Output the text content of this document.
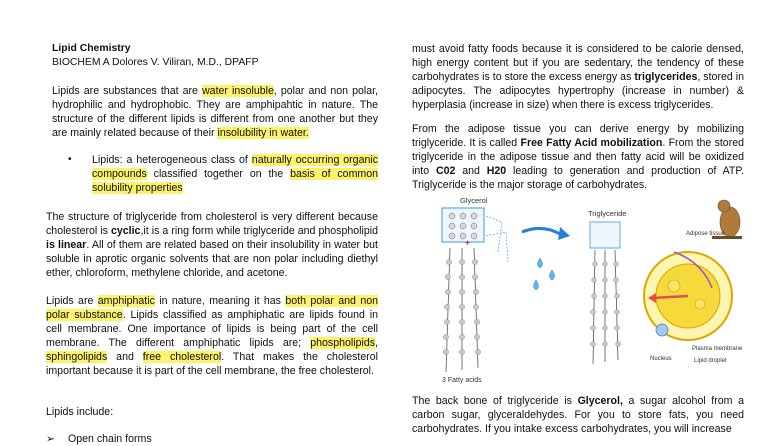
Lipid Chemistry
BIOCHEM A Dolores V. Viliran, M.D., DPAFP

Lipids are substances that are water insoluble, polar and non polar, hydrophilic and hydrophobic. They are amphipahtic in nature. The structure of the different lipids is different from one another but they are mainly related because of their insolubility in water.

• Lipids: a heterogeneous class of naturally occurring organic compounds classified together on the basis of common solubility properties

The structure of triglyceride from cholesterol is very different because cholesterol is cyclic,it is a ring form while triglyceride and phospholipid is linear. All of them are related based on their insolubility in water but soluble in aprotic organic solvents that are non polar including diethyl ether, chloroform, methylene chloride, and acetone.

Lipids are amphiphatic in nature, meaning it has both polar and non polar substance. Lipids classified as amphiphatic are lipids found in cell membrane. One importance of lipids is being part of the cell membrane. The different amphiphatic lipids are; phospholipids, sphingolipids and free cholesterol. That makes the cholesterol important because it is part of the cell membrane, the free cholesterol.

Lipids include:

➢ Open chain forms

must avoid fatty foods because it is considered to be calorie densed, high energy content but if you are sedentary, the tendency of these carbohydrates is to store the excess energy as triglycerides, stored in adipocytes. The adipocytes hypertrophy (increase in number) & hyperplasia (increase in size) when there is excess triglycerides.

From the adipose tissue you can derive energy by mobilizing triglyceride. It is called Free Fatty Acid mobilization. From the stored triglyceride in the adipose tissue and then fatty acid will be oxidized into C02 and H20 leading to generation and production of ATP. Triglyceride is the major storage of carbohydrates.

Glycerol
+
3 Fatty acids
Triglyceride
Adipose tissue
Plasma membrane
Lipid droplet
Nucleus

The back bone of triglyceride is Glycerol, a sugar alcohol from a carbon sugar, glyceraldehydes. For you to store fats, you need carbohydrates. If you intake excess carbohydrates, you will increase
